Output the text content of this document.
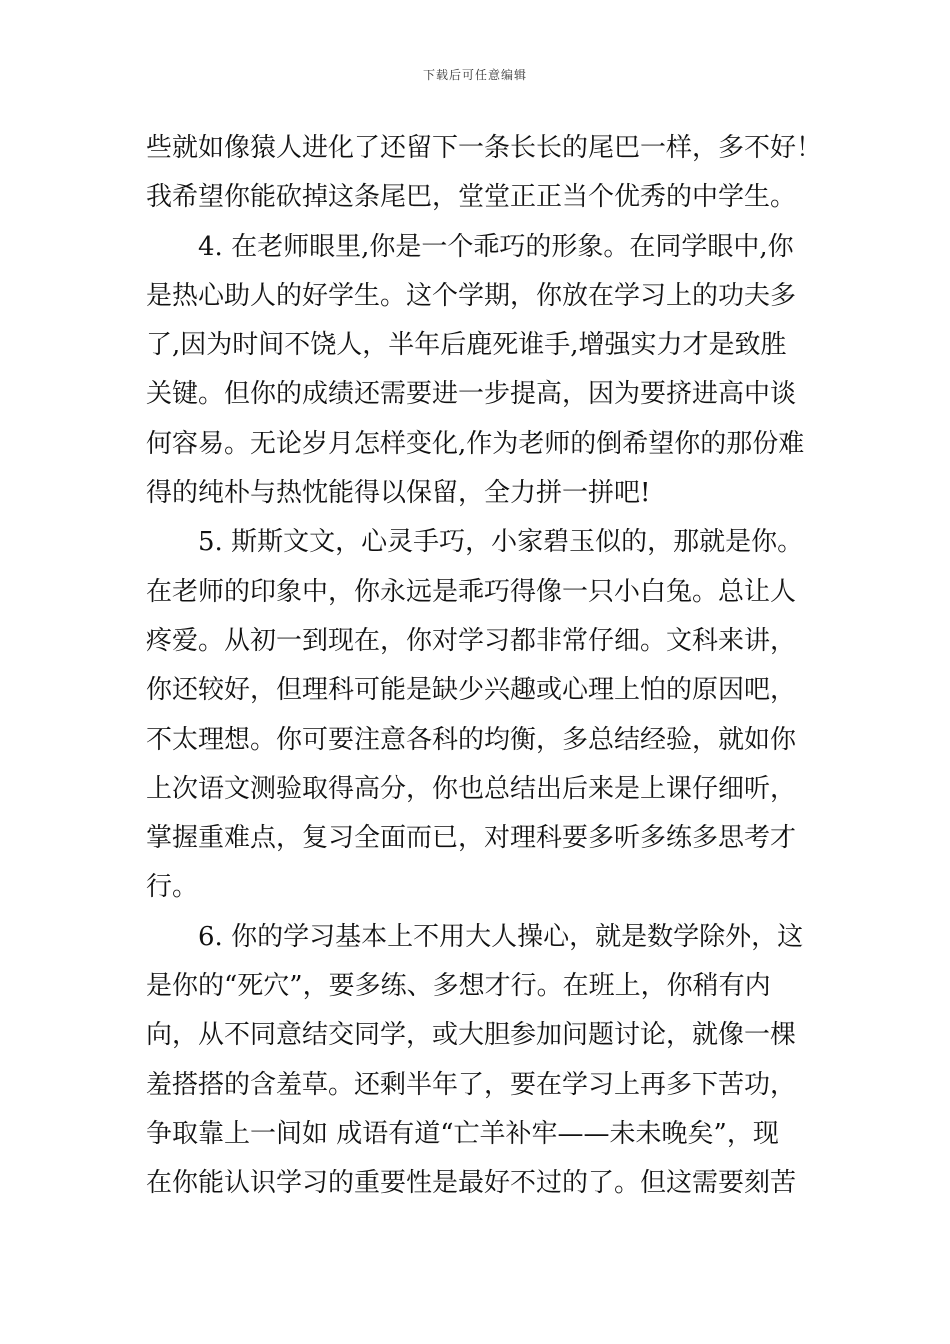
下载后可任意编辑
些就如像猿人进化了还留下一条长长的尾巴一样，多不好！
我希望你能砍掉这条尾巴，堂堂正正当个优秀的中学生。
4. 在老师眼里,你是一个乖巧的形象。在同学眼中,你
是热心助人的好学生。这个学期，你放在学习上的功夫多
了,因为时间不饶人，半年后鹿死谁手,增强实力才是致胜
关键。但你的成绩还需要进一步提高，因为要挤进高中谈
何容易。无论岁月怎样变化,作为老师的倒希望你的那份难
得的纯朴与热忱能得以保留，全力拼一拼吧!
5. 斯斯文文，心灵手巧，小家碧玉似的，那就是你。
在老师的印象中，你永远是乖巧得像一只小白兔。总让人
疼爱。从初一到现在，你对学习都非常仔细。文科来讲，
你还较好，但理科可能是缺少兴趣或心理上怕的原因吧，
不太理想。你可要注意各科的均衡，多总结经验，就如你
上次语文测验取得高分，你也总结出后来是上课仔细听，
掌握重难点，复习全面而已，对理科要多听多练多思考才
行。
6. 你的学习基本上不用大人操心，就是数学除外，这
是你的“死穴”，要多练、多想才行。在班上，你稍有内
向，从不同意结交同学，或大胆参加问题讨论，就像一棵
羞搭搭的含羞草。还剩半年了，要在学习上再多下苦功，
争取靠上一间如 成语有道“亡羊补牢——未未晚矣”，现
在你能认识学习的重要性是最好不过的了。但这需要刻苦
